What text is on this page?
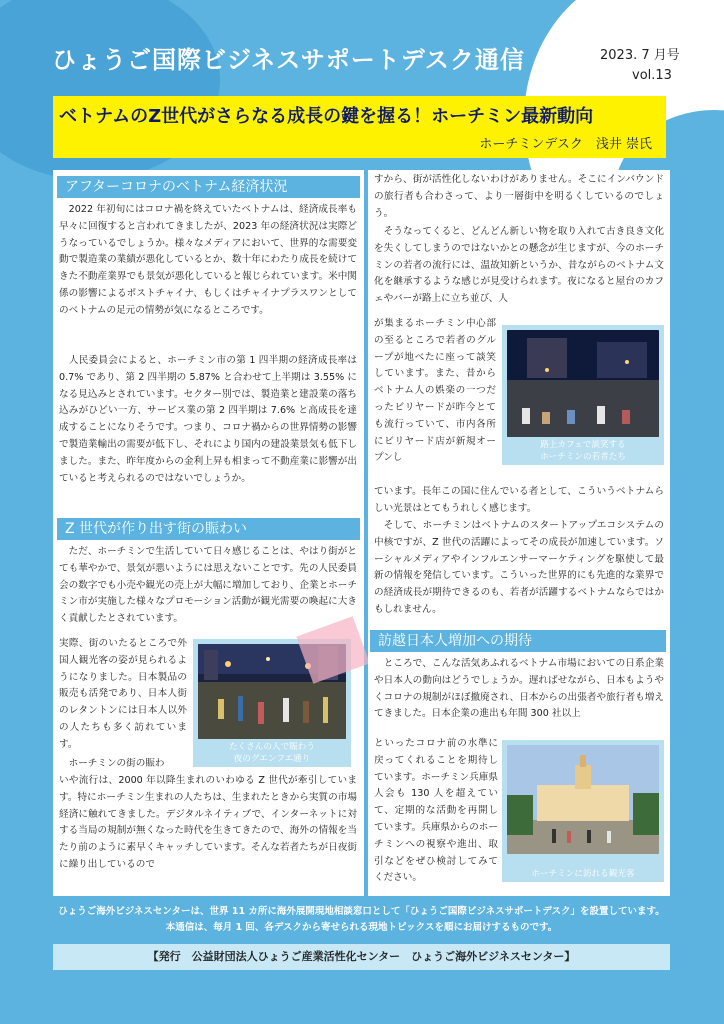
ひょうご国際ビジネスサポートデスク通信	2023. 7 月号
vol.13
ベトナムのZ世代がさらなる成長の鍵を握る！ホーチミン最新動向
ホーチミンデスク　浅井 崇氏
アフターコロナのベトナム経済状況

　2022 年初旬にはコロナ禍を終えていたベトナムは、経済成長率も早々に回復すると言われてきましたが、2023 年の経済状況は実際どうなっているでしょうか。様々なメディアにおいて、世界的な需要変動で製造業の業績が悪化しているとか、数十年にわたり成長を続けてきた不動産業界でも景気が悪化していると報じられています。米中関係の影響によるポストチャイナ、もしくはチャイナプラスワンとしてのベトナムの足元の情勢が気になるところです。

　人民委員会によると、ホーチミン市の第 1 四半期の経済成長率は 0.7% であり、第 2 四半期の 5.87% と合わせて上半期は 3.55% になる見込みとされています。セクター別では、製造業と建設業の落ち込みがひどい一方、サービス業の第 2 四半期は 7.6% と高成長を達成することになりそうです。つまり、コロナ禍からの世界情勢の影響で製造業輸出の需要が低下し、それにより国内の建設業景気も低下しました。また、昨年度からの金利上昇も相まって不動産業に影響が出ていると考えられるのではないでしょうか。

Z 世代が作り出す街の賑わい

　ただ、ホーチミンで生活していて日々感じることは、やはり街がとても華やかで、景気が悪いようには思えないことです。先の人民委員会の数字でも小売や観光の売上が大幅に増加しており、企業とホーチミン市が実施した様々なプロモーション活動が観光需要の喚起に大きく貢献したとされています。

実際、街のいたるところで外国人観光客の姿が見られるようになりました。日本製品の販売も活発であり、日本人街のレタントンには日本人以外の人たちも多く訪れています。

　ホーチミンの街の賑わ

いや流行は、2000 年以降生まれのいわゆる Z 世代が牽引しています。特にホーチミン生まれの人たちは、生まれたときから実質の市場経済に触れてきました。デジタルネイティブで、インターネットに対する当局の規制が無くなった時代を生きてきたので、海外の情報を当たり前のように素早くキャッチしています。そんな若者たちが日夜街に繰り出しているので

たくさんの人で賑わう
夜のグエンフエ通り

すから、街が活性化しないわけがありません。そこにインバウンドの旅行者も合わさって、より一層街中を明るくしているのでしょう。

　そうなってくると、どんどん新しい物を取り入れて古き良き文化を失くしてしまうのではないかとの懸念が生じますが、今のホーチミンの若者の流行には、温故知新というか、昔ながらのベトナム文化を継承するような感じが見受けられます。夜になると屋台のカフェやバーが路上に立ち並び、人

が集まるホーチミン中心部の至るところで若者のグループが地べたに座って談笑しています。また、昔からベトナム人の娯楽の一つだったビリヤードが昨今とても流行っていて、市内各所にビリヤード店が新規オープンし

ています。長年この国に住んでいる者として、こういうベトナムらしい光景はとてもうれしく感じます。

　そして、ホーチミンはベトナムのスタートアップエコシステムの中核ですが、Z 世代の活躍によってその成長が加速しています。ソーシャルメディアやインフルエンサーマーケティングを駆使して最新の情報を発信しています。こういった世界的にも先進的な業界での経済成長が期待できるのも、若者が活躍するベトナムならではかもしれません。

路上カフェで談笑する
ホーチミンの若者たち
訪越日本人増加への期待

　ところで、こんな活気あふれるベトナム市場においての日系企業や日本人の動向はどうでしょうか。遅ればせながら、日本もようやくコロナの規制がほぼ撤廃され、日本からの出張者や旅行者も増えてきました。日本企業の進出も年間 300 社以上

といったコロナ前の水準に戻ってくれることを期待しています。ホーチミン兵庫県人会も 130 人を超えていて、定期的な活動を再開しています。兵庫県からのホーチミンへの視察や進出、取引などをぜひ検討してみてください。	ホーチミンに訪れる観光客
ひょうご海外ビジネスセンターは、世界 11 カ所に海外展開現地相談窓口として「ひょうご国際ビジネスサポートデスク」を設置しています。
本通信は、毎月 1 回、各デスクから寄せられる現地トピックスを順にお届けするものです。
【発行　公益財団法人ひょうご産業活性化センター　ひょうご海外ビジネスセンター】
